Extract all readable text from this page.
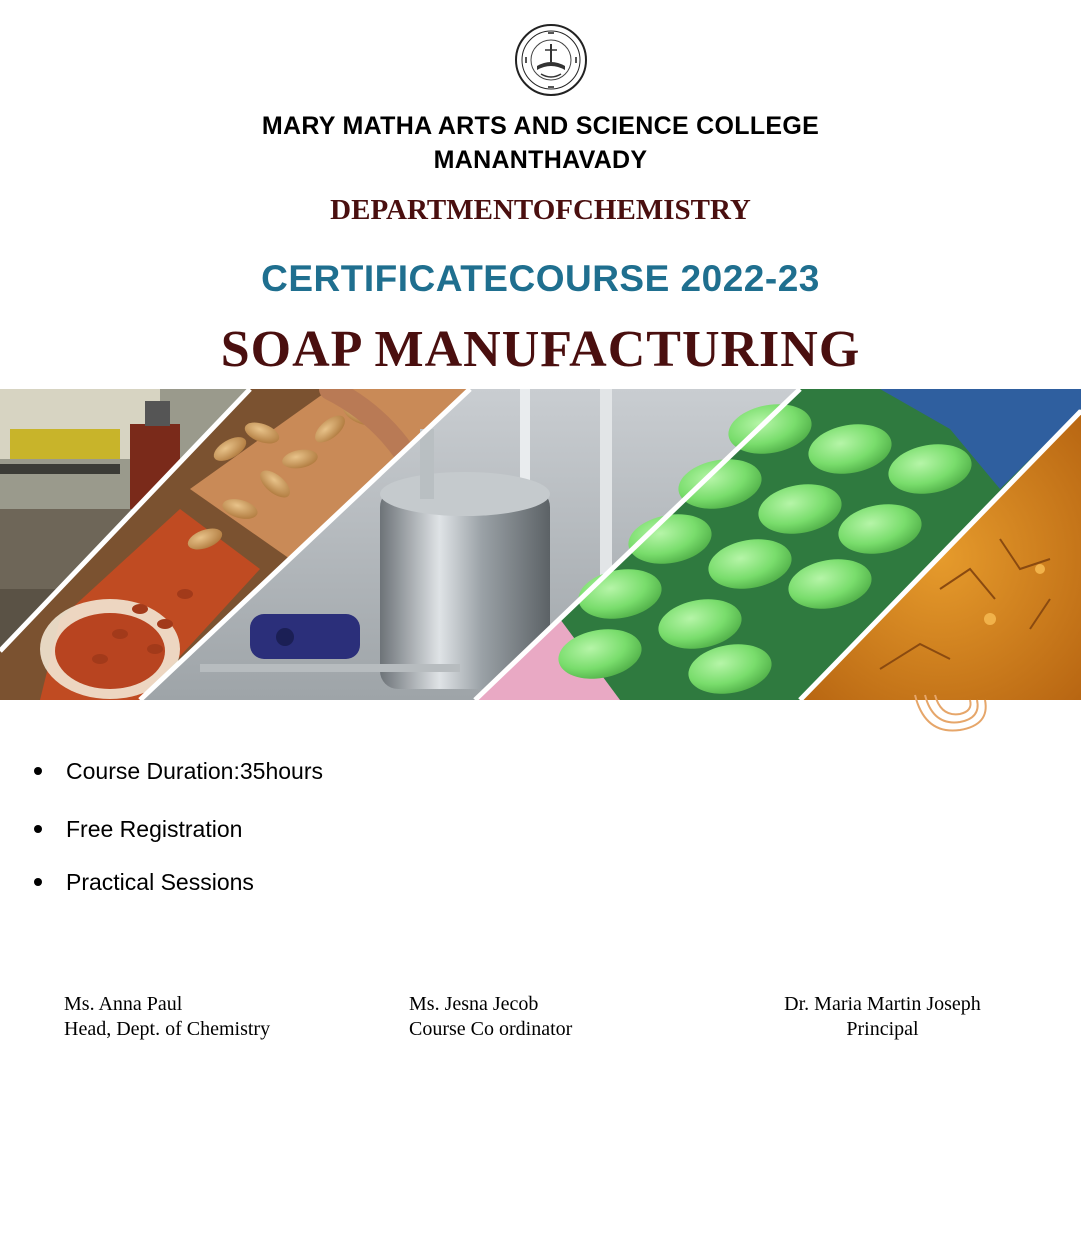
MARY MATHA ARTS AND SCIENCE COLLEGE
MANANTHAVADY
DEPARTMENTOFCHEMISTRY
CERTIFICATECOURSE 2022-23
SOAP MANUFACTURING
Course Duration:35hours
Free Registration
Practical Sessions
Ms. Anna Paul
Head, Dept. of Chemistry
Ms. Jesna Jecob
Course Co ordinator
Dr. Maria Martin Joseph
Principal
